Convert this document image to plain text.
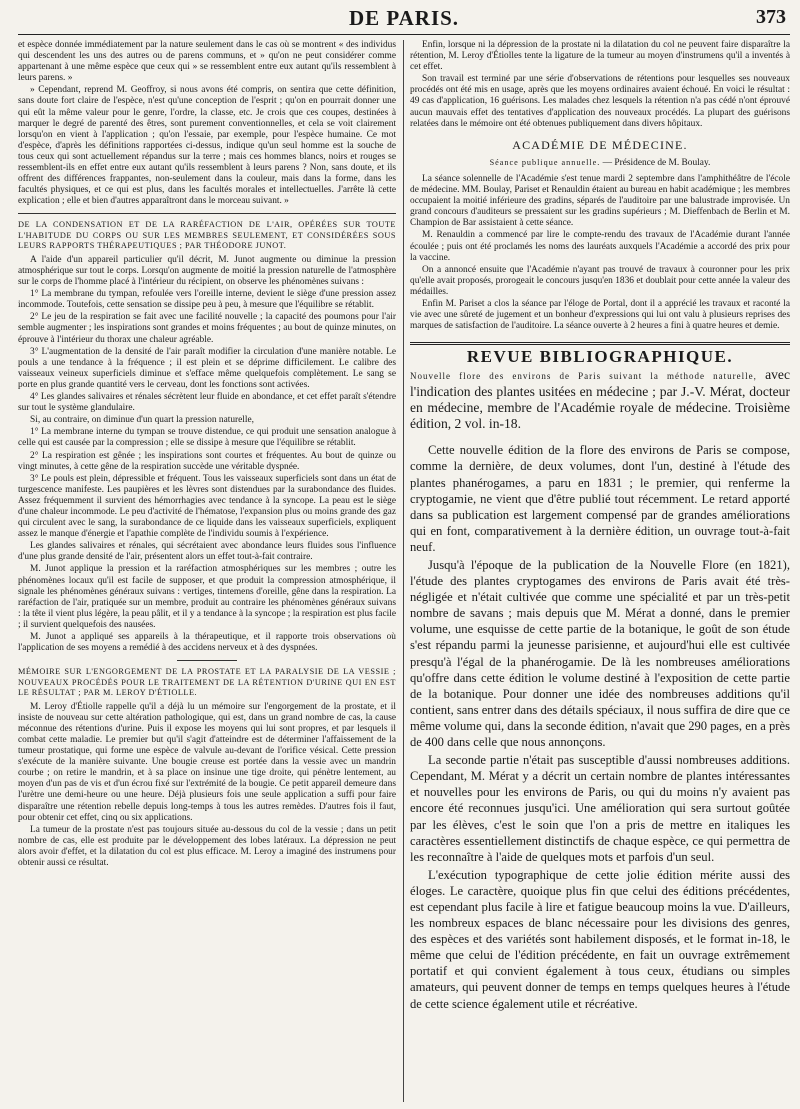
DE PARIS.	373

et espèce donnée immédiatement par la nature seulement dans le cas où se montrent « des individus qui descendent les uns des autres ou de parens communs, et » qu'on ne peut considérer comme appartenant à une même espèce que ceux qui » se ressemblent entre eux autant qu'ils ressemblent à leurs parens. »

» Cependant, reprend M. Geoffroy, si nous avons été compris, on sentira que cette définition, sans doute fort claire de l'espèce, n'est qu'une conception de l'esprit ; qu'on en pourrait donner une qui eût la même valeur pour le genre, l'ordre, la classe, etc. Je crois que ces coupes, destinées à marquer le degré de parenté des êtres, sont purement conventionnelles, et cela se voit clairement lorsqu'on en vient à l'application ; qu'on l'essaie, par exemple, pour l'espèce humaine. Ce mot d'espèce, d'après les définitions rapportées ci-dessus, indique qu'un seul homme est la souche de tous ceux qui sont actuellement répandus sur la terre ; mais ces hommes blancs, noirs et rouges se ressemblent-ils en effet entre eux autant qu'ils ressemblent à leurs parens ? Non, sans doute, et ils offrent des différences frappantes, non-seulement dans la couleur, mais dans la forme, dans les facultés physiques, et ce qui est plus, dans les facultés morales et intellectuelles. J'arrête là cette explication ; elle et bien d'autres apparaîtront dans le morceau suivant. »

DE LA CONDENSATION ET DE LA RARÉFACTION DE L'AIR, OPÉRÉES SUR TOUTE L'HABITUDE DU CORPS OU SUR LES MEMBRES SEULEMENT, ET CONSIDÉRÉES SOUS LEURS RAPPORTS THÉRAPEUTIQUES ; PAR THÉODORE JUNOT.

A l'aide d'un appareil particulier qu'il décrit, M. Junot augmente ou diminue la pression atmosphérique sur tout le corps. Lorsqu'on augmente de moitié la pression naturelle de l'atmosphère sur le corps de l'homme placé à l'intérieur du récipient, on observe les phénomènes suivans :

1° La membrane du tympan, refoulée vers l'oreille interne, devient le siège d'une pression assez incommode. Toutefois, cette sensation se dissipe peu à peu, à mesure que l'équilibre se rétablit.

2° Le jeu de la respiration se fait avec une facilité nouvelle ; la capacité des poumons pour l'air semble augmenter ; les inspirations sont grandes et moins fréquentes ; au bout de quinze minutes, on éprouve à l'intérieur du thorax une chaleur agréable.

3° L'augmentation de la densité de l'air paraît modifier la circulation d'une manière notable. Le pouls a une tendance à la fréquence ; il est plein et se déprime difficilement. Le calibre des vaisseaux veineux superficiels diminue et s'efface même quelquefois complètement. Le sang se porte en plus grande quantité vers le cerveau, dont les fonctions sont activées.

4° Les glandes salivaires et rénales sécrètent leur fluide en abondance, et cet effet paraît s'étendre sur tout le système glandulaire.

Si, au contraire, on diminue d'un quart la pression naturelle,

1° La membrane interne du tympan se trouve distendue, ce qui produit une sensation analogue à celle qui est causée par la compression ; elle se dissipe à mesure que l'équilibre se rétablit.

2° La respiration est gênée ; les inspirations sont courtes et fréquentes. Au bout de quinze ou vingt minutes, à cette gêne de la respiration succède une véritable dyspnée.

3° Le pouls est plein, dépressible et fréquent. Tous les vaisseaux superficiels sont dans un état de turgescence manifeste. Les paupières et les lèvres sont distendues par la surabondance des fluides. Assez fréquemment il survient des hémorrhagies avec tendance à la syncope. La peau est le siège d'une chaleur incommode. Le peu d'activité de l'hématose, l'expansion plus ou moins grande des gaz qui circulent avec le sang, la surabondance de ce liquide dans les vaisseaux superficiels, expliquent assez le manque d'énergie et l'apathie complète de l'individu soumis à l'expérience.

Les glandes salivaires et rénales, qui sécrétaient avec abondance leurs fluides sous l'influence d'une plus grande densité de l'air, présentent alors un effet tout-à-fait contraire.

M. Junot applique la pression et la raréfaction atmosphériques sur les membres ; outre les phénomènes locaux qu'il est facile de supposer, et que produit la compression atmosphérique, il signale les phénomènes généraux suivans : vertiges, tintemens d'oreille, gêne dans la respiration. La raréfaction de l'air, pratiquée sur un membre, produit au contraire les phénomènes généraux suivans : la tête il vient plus légère, la peau pâlit, et il y a tendance à la syncope ; la respiration est plus facile ; il survient quelquefois des nausées.

M. Junot a appliqué ses appareils à la thérapeutique, et il rapporte trois observations où l'application de ses moyens a remédié à des accidens nerveux et à des dyspnées.

MÉMOIRE SUR L'ENGORGEMENT DE LA PROSTATE ET LA PARALYSIE DE LA VESSIE ; NOUVEAUX PROCÉDÉS POUR LE TRAITEMENT DE LA RÉTENTION D'URINE QUI EN EST LE RÉSULTAT ; PAR M. LEROY D'ÉTIOLLE.

M. Leroy d'Étiolle rappelle qu'il a déjà lu un mémoire sur l'engorgement de la prostate, et il insiste de nouveau sur cette altération pathologique, qui est, dans un grand nombre de cas, la cause méconnue des rétentions d'urine. Puis il expose les moyens qui lui sont propres, et par lesquels il combat cette maladie. Le premier but qu'il s'agit d'atteindre est de déterminer l'affaissement de la tumeur prostatique, qui forme une espèce de valvule au-devant de l'orifice vésical. Cette pression s'exécute de la manière suivante. Une bougie creuse est portée dans la vessie avec un mandrin courbe ; on retire le mandrin, et à sa place on insinue une tige droite, qui pénètre lentement, au moyen d'un pas de vis et d'un écrou fixé sur l'extrémité de la bougie. Ce petit appareil demeure dans l'urètre une demi-heure ou une heure. Déjà plusieurs fois une seule application a suffi pour faire disparaître une rétention rebelle depuis long-temps à tous les autres remèdes. D'autres fois il faut, pour obtenir cet effet, cinq ou six applications.

La tumeur de la prostate n'est pas toujours située au-dessous du col de la vessie ; dans un petit nombre de cas, elle est produite par le développement des lobes latéraux. La dépression ne peut alors avoir d'effet, et la dilatation du col est plus efficace. M. Leroy a imaginé des instrumens pour obtenir aussi ce résultat.

Enfin, lorsque ni la dépression de la prostate ni la dilatation du col ne peuvent faire disparaître la rétention, M. Leroy d'Étiolles tente la ligature de la tumeur au moyen d'instrumens qu'il a inventés à cet effet.

Son travail est terminé par une série d'observations de rétentions pour lesquelles ses nouveaux procédés ont été mis en usage, après que les moyens ordinaires avaient échoué. En voici le résultat : 49 cas d'application, 16 guérisons. Les malades chez lesquels la rétention n'a pas cédé n'ont éprouvé aucun mauvais effet des tentatives d'application des nouveaux procédés. La plupart des guérisons relatées dans le mémoire ont été obtenues publiquement dans divers hôpitaux.

ACADÉMIE DE MÉDECINE.

Séance publique annuelle. — Présidence de M. Boulay.

La séance solennelle de l'Académie s'est tenue mardi 2 septembre dans l'amphithéâtre de l'école de médecine. MM. Boulay, Pariset et Renauldin étaient au bureau en habit académique ; les membres occupaient la moitié inférieure des gradins, séparés de l'auditoire par une balustrade improvisée. Un grand concours d'auditeurs se pressaient sur les gradins supérieurs ; M. Dieffenbach de Berlin et M. Champion de Bar assistaient à cette séance.

M. Renauldin a commencé par lire le compte-rendu des travaux de l'Académie durant l'année écoulée ; puis ont été proclamés les noms des lauréats auxquels l'Académie a accordé des prix pour la vaccine.

On a annoncé ensuite que l'Académie n'ayant pas trouvé de travaux à couronner pour les prix qu'elle avait proposés, prorogeait le concours jusqu'en 1836 et doublait pour cette année la valeur des médailles.

Enfin M. Pariset a clos la séance par l'éloge de Portal, dont il a apprécié les travaux et raconté la vie avec une sûreté de jugement et un bonheur d'expressions qui lui ont valu à plusieurs reprises des marques de satisfaction de l'auditoire. La séance ouverte à 2 heures a fini à quatre heures et demie.

REVUE BIBLIOGRAPHIQUE.

Nouvelle flore des environs de Paris suivant la méthode naturelle, avec l'indication des plantes usitées en médecine ; par J.-V. Mérat, docteur en médecine, membre de l'Académie royale de médecine. Troisième édition, 2 vol. in-18.

Cette nouvelle édition de la flore des environs de Paris se compose, comme la dernière, de deux volumes, dont l'un, destiné à l'étude des plantes phanérogames, a paru en 1831 ; le premier, qui renferme la cryptogamie, ne vient que d'être publié tout récemment. Le retard apporté dans sa publication est largement compensé par de grandes améliorations qui en font, comparativement à la dernière édition, un ouvrage tout-à-fait neuf.

Jusqu'à l'époque de la publication de la Nouvelle Flore (en 1821), l'étude des plantes cryptogames des environs de Paris avait été très-négligée et n'était cultivée que comme une spécialité et par un très-petit nombre de savans ; mais depuis que M. Mérat a donné, dans le premier volume, une esquisse de cette partie de la botanique, le goût de son étude s'est répandu parmi la jeunesse parisienne, et aujourd'hui elle est cultivée presqu'à l'égal de la phanérogamie. De là les nombreuses améliorations qu'offre dans cette édition le volume destiné à l'exposition de cette partie de la botanique. Pour donner une idée des nombreuses additions qu'il contient, sans entrer dans des détails spéciaux, il nous suffira de dire que ce même volume qui, dans la seconde édition, n'avait que 290 pages, en a près de 400 dans celle que nous annonçons.

La seconde partie n'était pas susceptible d'aussi nombreuses additions. Cependant, M. Mérat y a décrit un certain nombre de plantes intéressantes et nouvelles pour les environs de Paris, ou qui du moins n'y avaient pas encore été reconnues jusqu'ici. Une amélioration qui sera surtout goûtée par les élèves, c'est le soin que l'on a pris de mettre en italiques les caractères essentiellement distinctifs de chaque espèce, ce qui permettra de les reconnaître à l'aide de quelques mots et parfois d'un seul.

L'exécution typographique de cette jolie édition mérite aussi des éloges. Le caractère, quoique plus fin que celui des éditions précédentes, est cependant plus facile à lire et fatigue beaucoup moins la vue. D'ailleurs, les nombreux espaces de blanc nécessaire pour les divisions des genres, des espèces et des variétés sont habilement disposés, et le format in-18, le même que celui de l'édition précédente, en fait un ouvrage extrêmement portatif et qui convient également à tous ceux, étudians ou simples amateurs, qui peuvent donner de temps en temps quelques heures à l'étude de cette science également utile et récréative.
